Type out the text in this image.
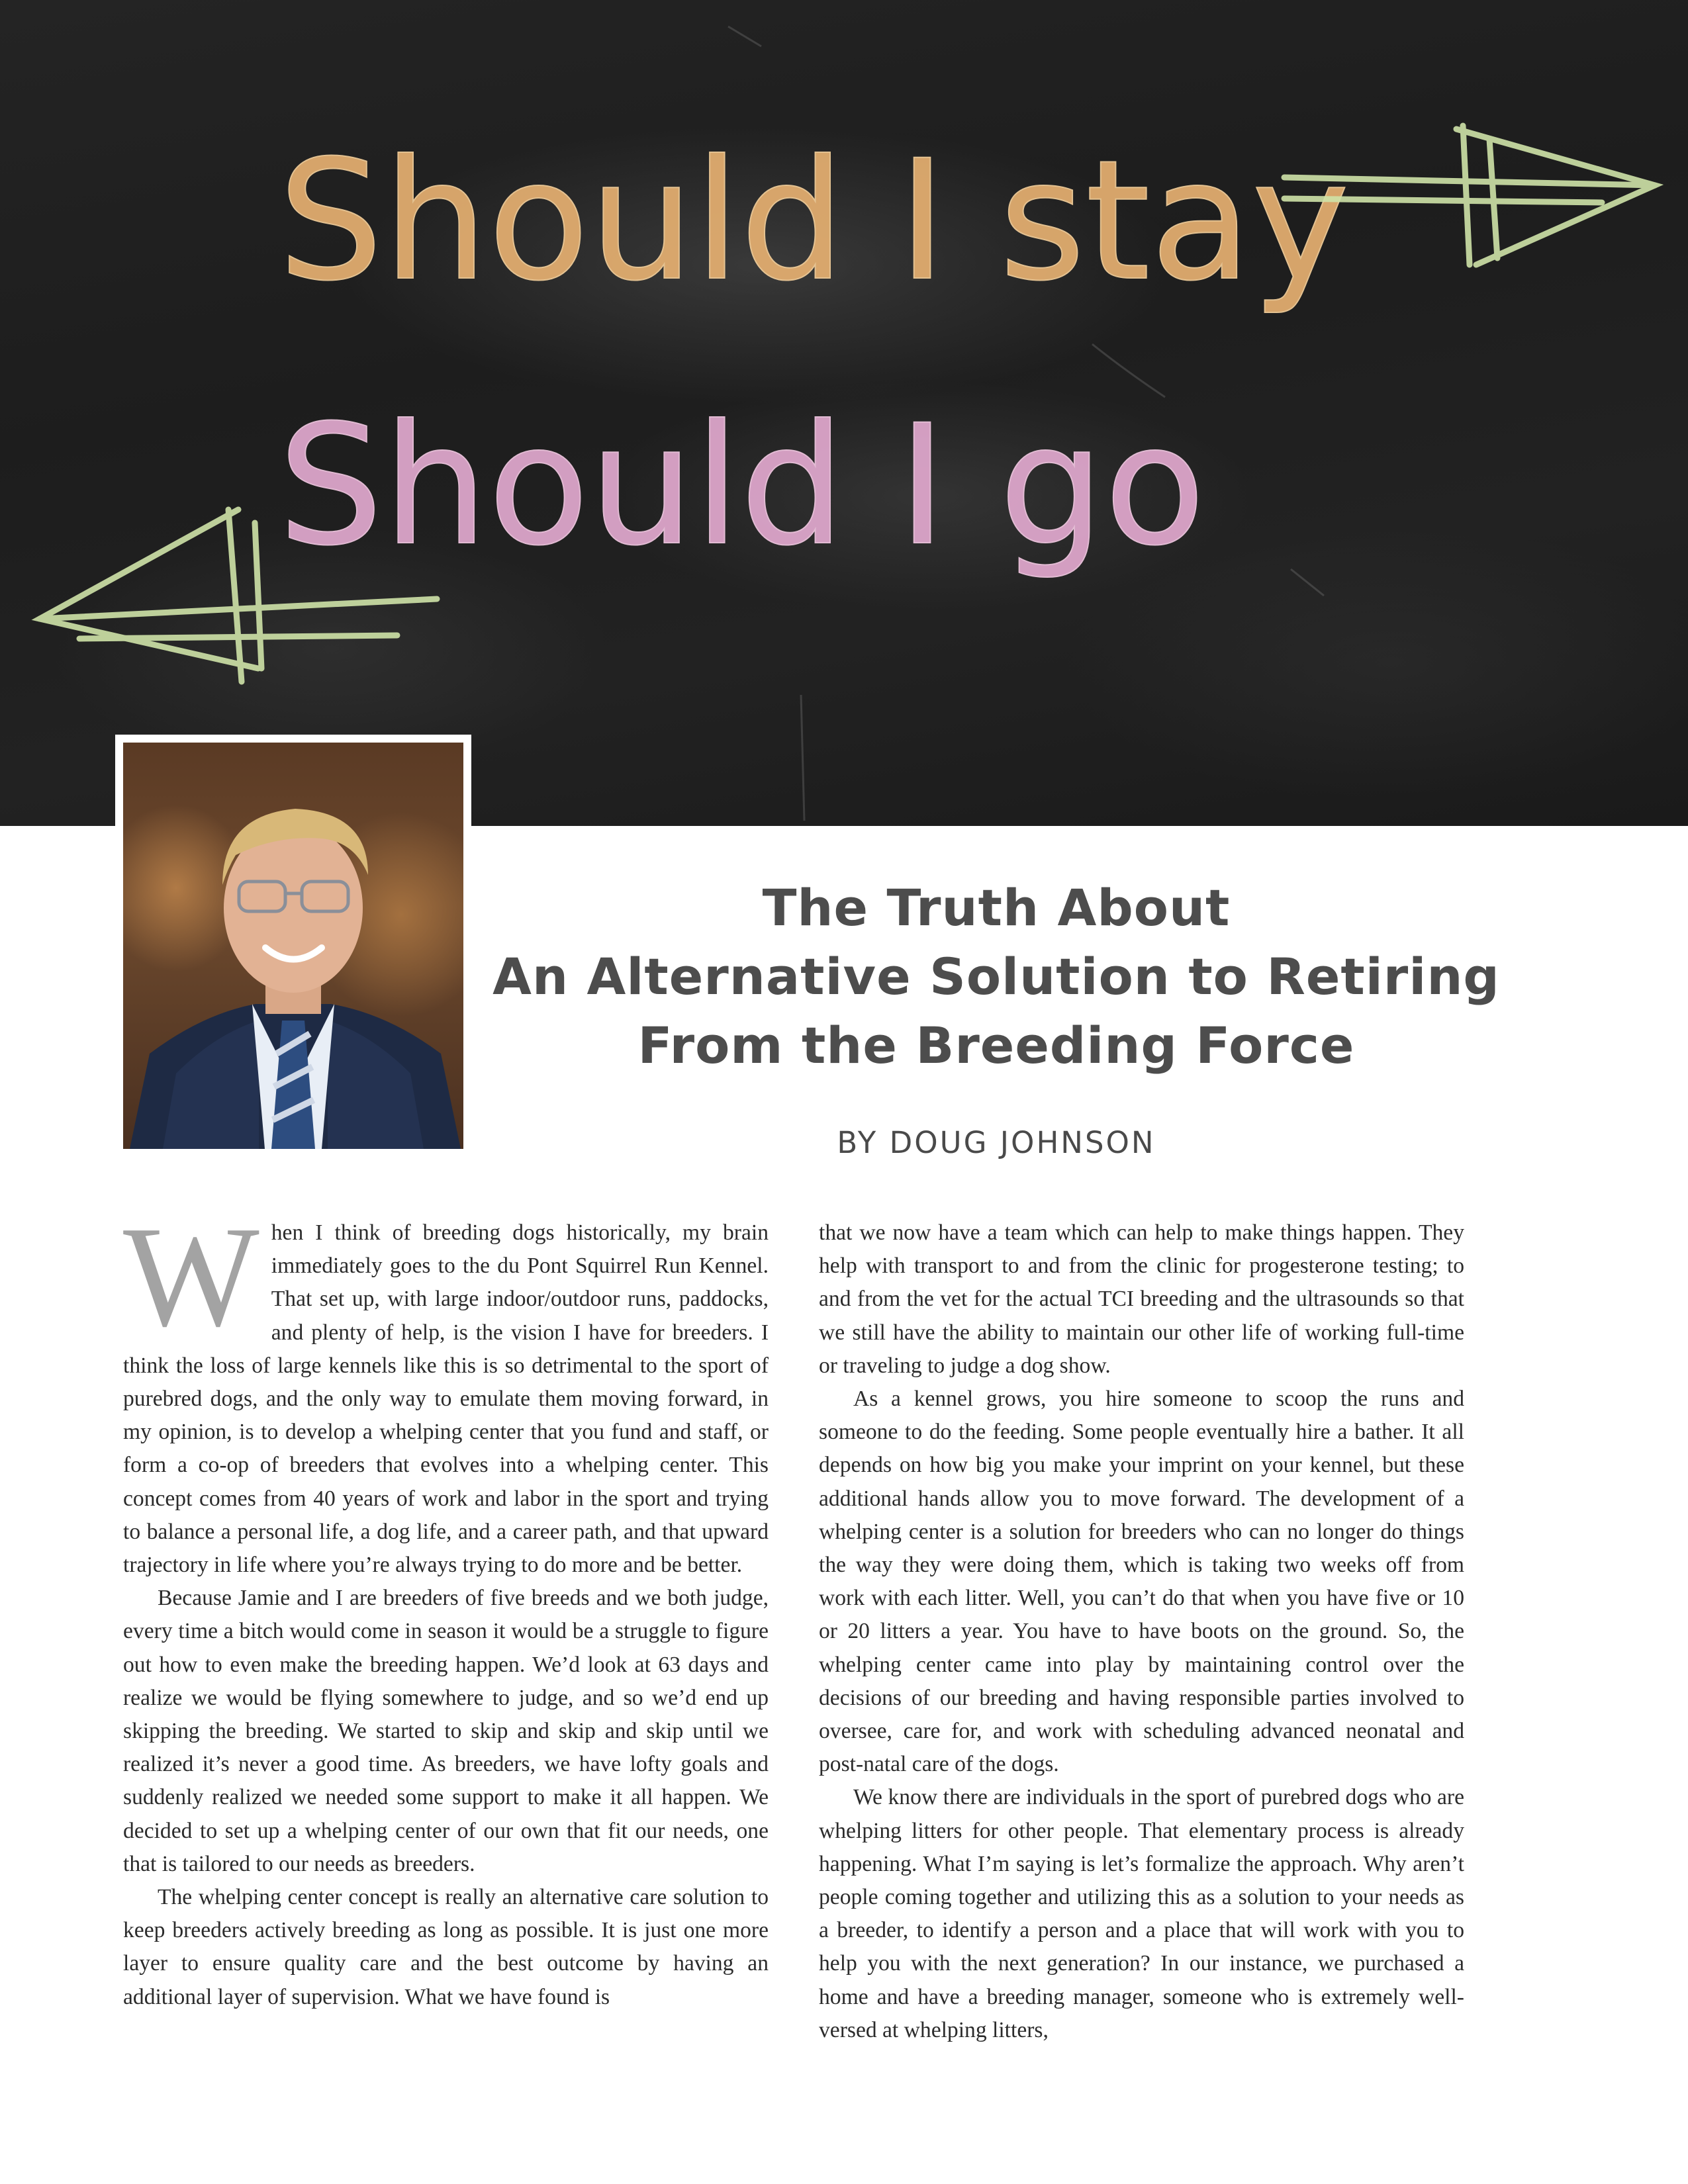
Should I stay
Should I go
The Truth About
An Alternative Solution to Retiring
From the Breeding Force
BY DOUG JOHNSON

When I think of breeding dogs historically, my brain immediately goes to the du Pont Squirrel Run Kennel. That set up, with large indoor/outdoor runs, paddocks, and plenty of help, is the vision I have for breeders. I think the loss of large kennels like this is so detrimental to the sport of purebred dogs, and the only way to emulate them moving forward, in my opinion, is to develop a whelping center that you fund and staff, or form a co-op of breeders that evolves into a whelping center. This concept comes from 40 years of work and labor in the sport and trying to balance a personal life, a dog life, and a career path, and that upward trajectory in life where you’re always trying to do more and be better.

Because Jamie and I are breeders of five breeds and we both judge, every time a bitch would come in season it would be a struggle to figure out how to even make the breeding happen. We’d look at 63 days and realize we would be flying somewhere to judge, and so we’d end up skipping the breeding. We started to skip and skip and skip until we realized it’s never a good time. As breeders, we have lofty goals and suddenly realized we needed some support to make it all happen. We decided to set up a whelping center of our own that fit our needs, one that is tailored to our needs as breeders.

The whelping center concept is really an alternative care solution to keep breeders actively breeding as long as possible. It is just one more layer to ensure quality care and the best outcome by having an additional layer of supervision. What we have found is

that we now have a team which can help to make things happen. They help with transport to and from the clinic for progesterone testing; to and from the vet for the actual TCI breeding and the ultrasounds so that we still have the ability to maintain our other life of working full-time or traveling to judge a dog show.

As a kennel grows, you hire someone to scoop the runs and someone to do the feeding. Some people eventually hire a bather. It all depends on how big you make your imprint on your kennel, but these additional hands allow you to move forward. The development of a whelping center is a solution for breeders who can no longer do things the way they were doing them, which is taking two weeks off from work with each litter. Well, you can’t do that when you have five or 10 or 20 litters a year. You have to have boots on the ground. So, the whelping center came into play by maintaining control over the decisions of our breeding and having responsible parties involved to oversee, care for, and work with scheduling advanced neonatal and post-natal care of the dogs.

We know there are individuals in the sport of purebred dogs who are whelping litters for other people. That elementary process is already happening. What I’m saying is let’s formalize the approach. Why aren’t people coming together and utilizing this as a solution to your needs as a breeder, to identify a person and a place that will work with you to help you with the next generation? In our instance, we purchased a home and have a breeding manager, someone who is extremely well-versed at whelping litters,
